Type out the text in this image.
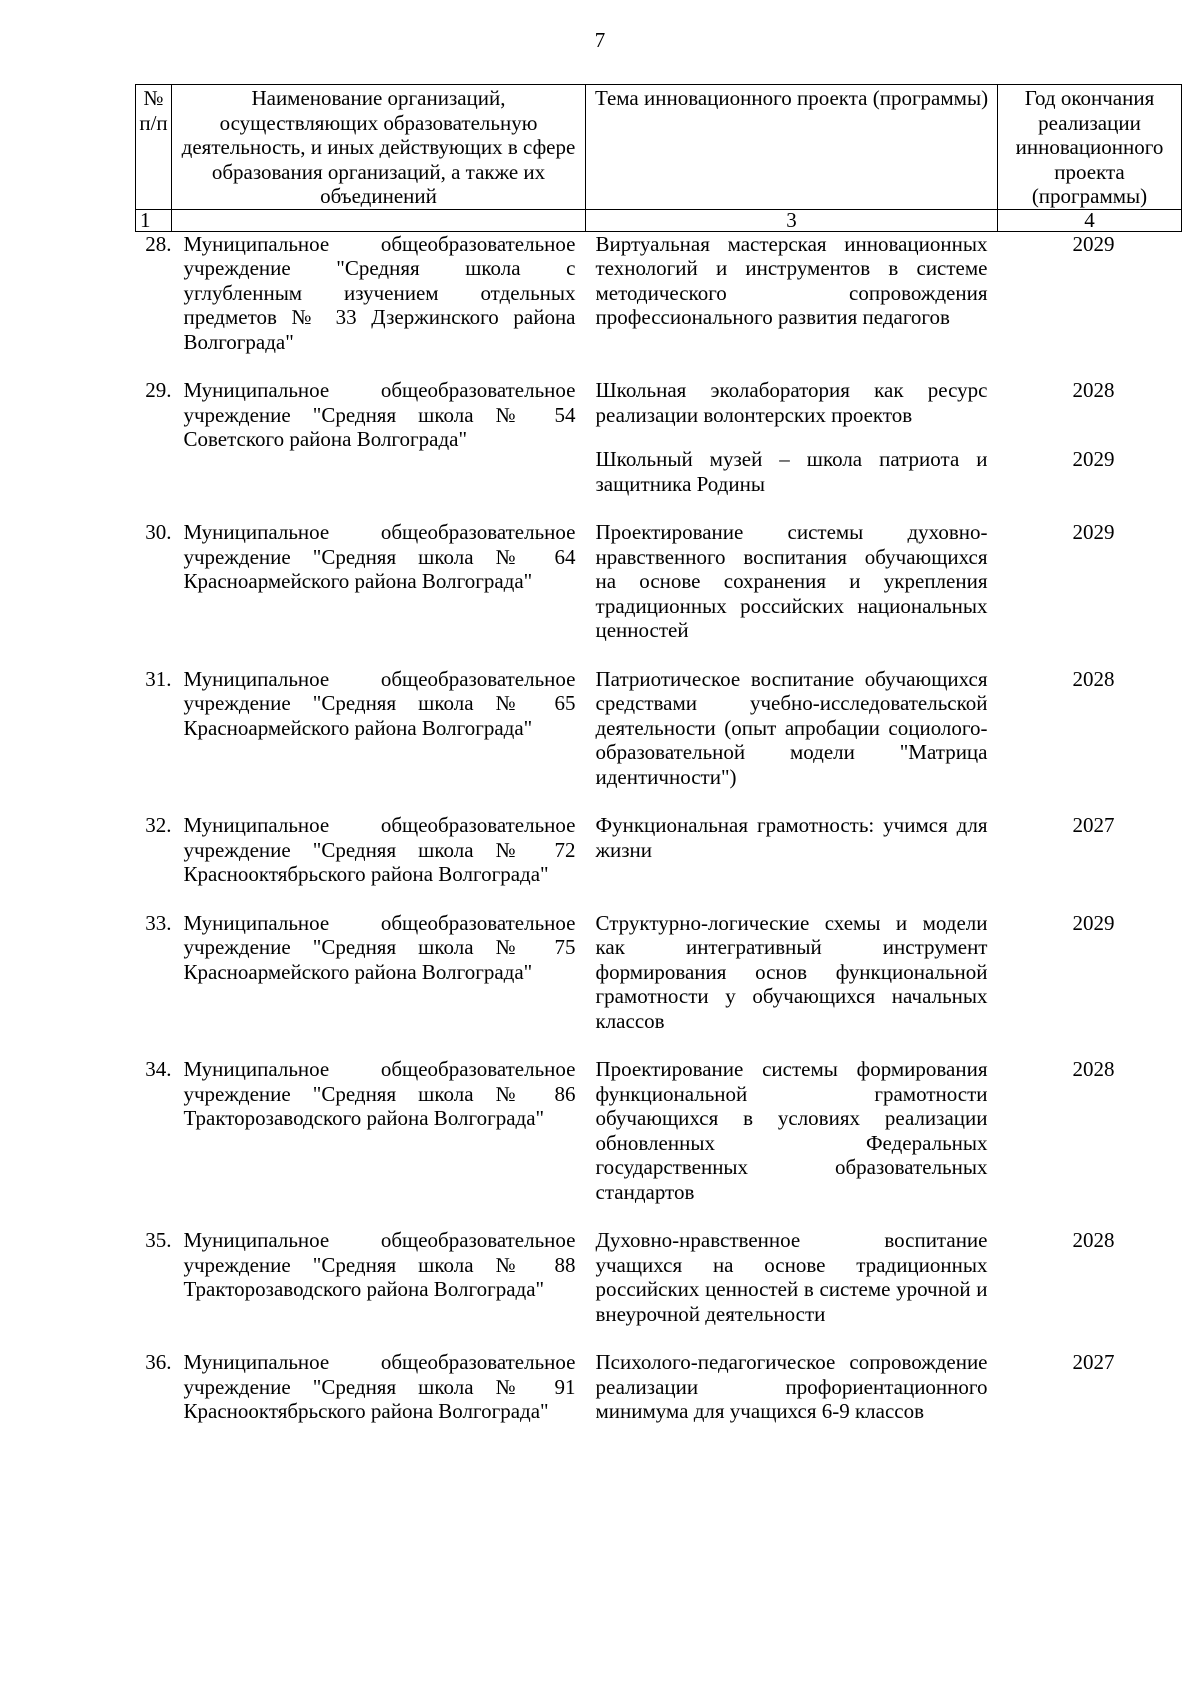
7
№ п/п	Наименование организаций, осуществляющих образовательную деятельность, и иных действующих в сфере образования организаций, а также их объединений	Тема инновационного проекта (программы)	Год окончания реализации инновационного проекта (программы)
1		3	4
28.	Муниципальное общеобразовательное учреждение "Средняя школа с углубленным изучением отдельных предметов № 33 Дзержинского района Волгограда"	Виртуальная мастерская инновационных технологий и инструментов в системе методического сопровождения профессионального развития педагогов	2029
29.	Муниципальное общеобразовательное учреждение "Средняя школа № 54 Советского района Волгограда"	Школьная эколаборатория как ресурс реализации волонтерских проектов	2028
		Школьный музей – школа патриота и защитника Родины	2029
30.	Муниципальное общеобразовательное учреждение "Средняя школа № 64 Красноармейского района Волгограда"	Проектирование системы духовно-нравственного воспитания обучающихся на основе сохранения и укрепления традиционных российских национальных ценностей	2029
31.	Муниципальное общеобразовательное учреждение "Средняя школа № 65 Красноармейского района Волгограда"	Патриотическое воспитание обучающихся средствами учебно-исследовательской деятельности (опыт апробации социолого-образовательной модели "Матрица идентичности")	2028
32.	Муниципальное общеобразовательное учреждение "Средняя школа № 72 Краснооктябрьского района Волгограда"	Функциональная грамотность: учимся для жизни	2027
33.	Муниципальное общеобразовательное учреждение "Средняя школа № 75 Красноармейского района Волгограда"	Структурно-логические схемы и модели как интегративный инструмент формирования основ функциональной грамотности у обучающихся начальных классов	2029
34.	Муниципальное общеобразовательное учреждение "Средняя школа № 86 Тракторозаводского района Волгограда"	Проектирование системы формирования функциональной грамотности обучающихся в условиях реализации обновленных Федеральных государственных образовательных стандартов	2028
35.	Муниципальное общеобразовательное учреждение "Средняя школа № 88 Тракторозаводского района Волгограда"	Духовно-нравственное воспитание учащихся на основе традиционных российских ценностей в системе урочной и внеурочной деятельности	2028
36.	Муниципальное общеобразовательное учреждение "Средняя школа № 91 Краснооктябрьского района Волгограда"	Психолого-педагогическое сопровождение реализации профориентационного минимума для учащихся 6-9 классов	2027
